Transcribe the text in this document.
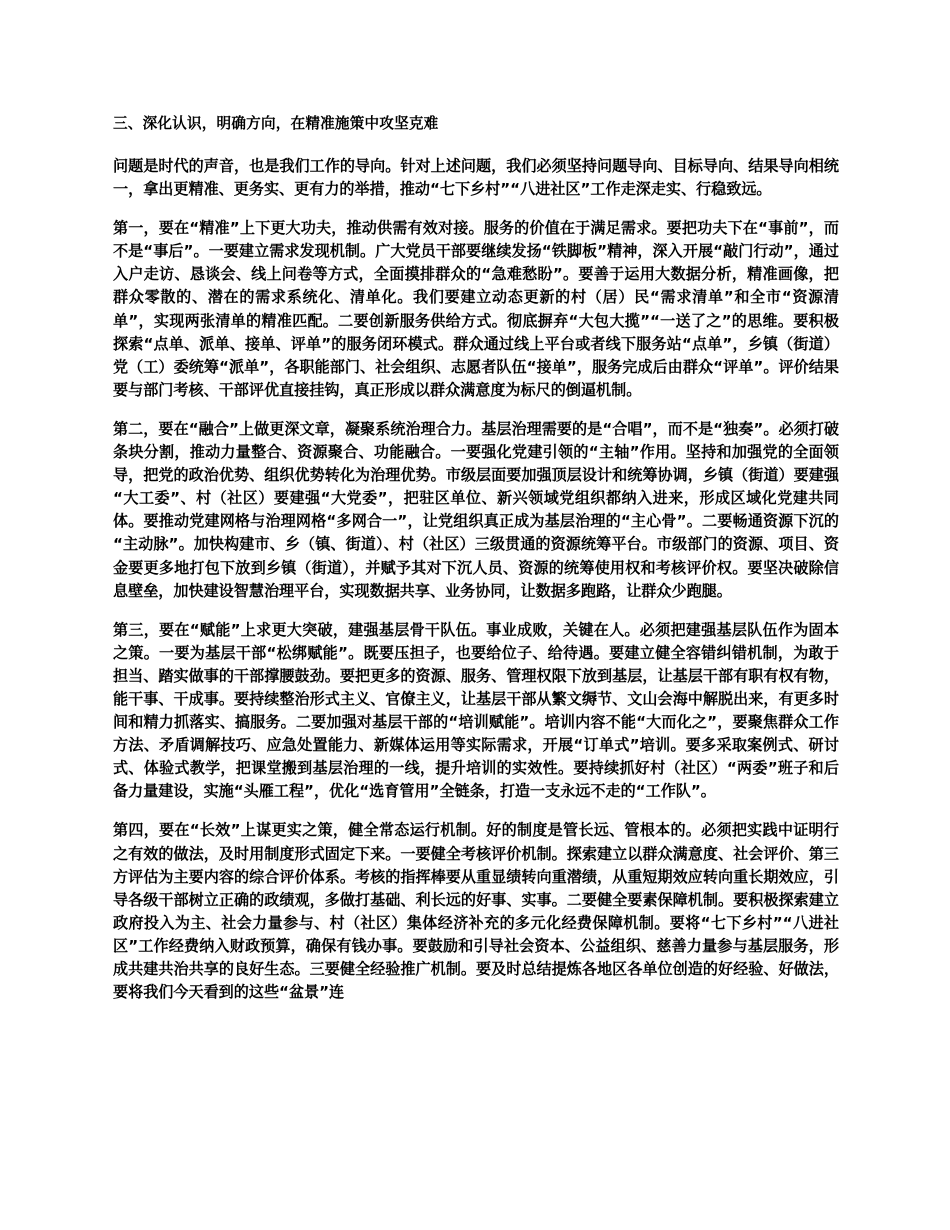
三、深化认识，明确方向，在精准施策中攻坚克难

问题是时代的声音，也是我们工作的导向。针对上述问题，我们必须坚持问题导向、目标导向、结果导向相统一，拿出更精准、更务实、更有力的举措，推动“七下乡村”“八进社区”工作走深走实、行稳致远。

第一，要在“精准”上下更大功夫，推动供需有效对接。服务的价值在于满足需求。要把功夫下在“事前”，而不是“事后”。一要建立需求发现机制。广大党员干部要继续发扬“铁脚板”精神，深入开展“敲门行动”，通过入户走访、恳谈会、线上问卷等方式，全面摸排群众的“急难愁盼”。要善于运用大数据分析，精准画像，把群众零散的、潜在的需求系统化、清单化。我们要建立动态更新的村（居）民“需求清单”和全市“资源清单”，实现两张清单的精准匹配。二要创新服务供给方式。彻底摒弃“大包大揽”“一送了之”的思维。要积极探索“点单、派单、接单、评单”的服务闭环模式。群众通过线上平台或者线下服务站“点单”，乡镇（街道）党（工）委统筹“派单”，各职能部门、社会组织、志愿者队伍“接单”，服务完成后由群众“评单”。评价结果要与部门考核、干部评优直接挂钩，真正形成以群众满意度为标尺的倒逼机制。

第二，要在“融合”上做更深文章，凝聚系统治理合力。基层治理需要的是“合唱”，而不是“独奏”。必须打破条块分割，推动力量整合、资源聚合、功能融合。一要强化党建引领的“主轴”作用。坚持和加强党的全面领导，把党的政治优势、组织优势转化为治理优势。市级层面要加强顶层设计和统筹协调，乡镇（街道）要建强“大工委”、村（社区）要建强“大党委”，把驻区单位、新兴领域党组织都纳入进来，形成区域化党建共同体。要推动党建网格与治理网格“多网合一”，让党组织真正成为基层治理的“主心骨”。二要畅通资源下沉的“主动脉”。加快构建市、乡（镇、街道）、村（社区）三级贯通的资源统筹平台。市级部门的资源、项目、资金要更多地打包下放到乡镇（街道），并赋予其对下沉人员、资源的统筹使用权和考核评价权。要坚决破除信息壁垒，加快建设智慧治理平台，实现数据共享、业务协同，让数据多跑路，让群众少跑腿。

第三，要在“赋能”上求更大突破，建强基层骨干队伍。事业成败，关键在人。必须把建强基层队伍作为固本之策。一要为基层干部“松绑赋能”。既要压担子，也要给位子、给待遇。要建立健全容错纠错机制，为敢于担当、踏实做事的干部撑腰鼓劲。要把更多的资源、服务、管理权限下放到基层，让基层干部有职有权有物，能干事、干成事。要持续整治形式主义、官僚主义，让基层干部从繁文缛节、文山会海中解脱出来，有更多时间和精力抓落实、搞服务。二要加强对基层干部的“培训赋能”。培训内容不能“大而化之”，要聚焦群众工作方法、矛盾调解技巧、应急处置能力、新媒体运用等实际需求，开展“订单式”培训。要多采取案例式、研讨式、体验式教学，把课堂搬到基层治理的一线，提升培训的实效性。要持续抓好村（社区）“两委”班子和后备力量建设，实施“头雁工程”，优化“选育管用”全链条，打造一支永远不走的“工作队”。

第四，要在“长效”上谋更实之策，健全常态运行机制。好的制度是管长远、管根本的。必须把实践中证明行之有效的做法，及时用制度形式固定下来。一要健全考核评价机制。探索建立以群众满意度、社会评价、第三方评估为主要内容的综合评价体系。考核的指挥棒要从重显绩转向重潜绩，从重短期效应转向重长期效应，引导各级干部树立正确的政绩观，多做打基础、利长远的好事、实事。二要健全要素保障机制。要积极探索建立政府投入为主、社会力量参与、村（社区）集体经济补充的多元化经费保障机制。要将“七下乡村”“八进社区”工作经费纳入财政预算，确保有钱办事。要鼓励和引导社会资本、公益组织、慈善力量参与基层服务，形成共建共治共享的良好生态。三要健全经验推广机制。要及时总结提炼各地区各单位创造的好经验、好做法，要将我们今天看到的这些“盆景”连
